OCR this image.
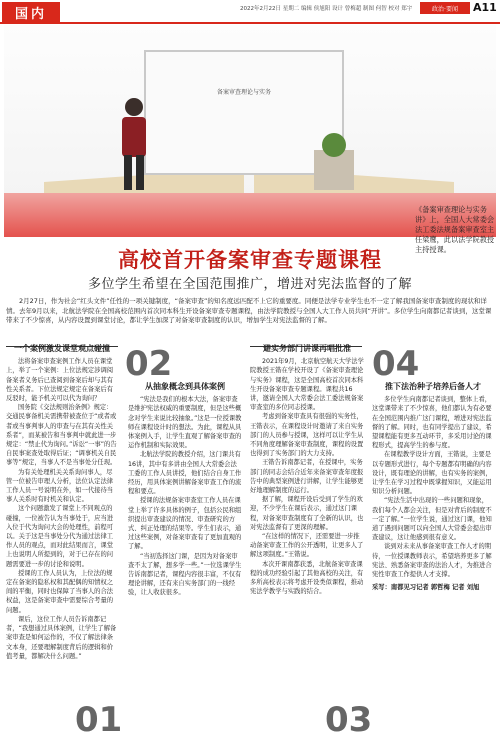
国内	2022年2月22日 星期二 编辑 侯旭阳 设计 曾梅超 制图 何智 校对 郑宇	政治·要闻	A11
备案审查理论与实务
《备案审查理论与实务讲》上，全国人大常委会法工委法规备案审查室主任梁鹰，此以法学院教授主持授课。
高校首开备案审查专题课程
多位学生希望在全国范围推广，增进对宪法监督的了解
2月27日，作为社会“红头文件”任性的一项关键制度，“备案审查”的知名度远匹配不上它的重要度。同便是法学专业学生也不一定了解我国备案审查制度的现状和详情。去年9月以来，北航法学院在全国高校范围内首次同本科生开设备案审查专题课程，由法学院教授与全国人大工作人员共同“开讲”。多位学生向南都记者谈到，这堂课带来了不少惊喜，从内容设置到课堂讨论，都让学生加深了对备案审查制度的认识，增加学生对宪法监督的了解。
一个案例激发课堂观点碰撞

法将备案审查案例工作人员在课堂上，举了一个案例：上位法规定涉调阅备案者义务后已查阅到备案后却与其有性关系者。下位法规定规定在备案后有反驳时，能予机关可以代为询问？

国务院《交法规则治条例》规定：交通民事备机关需携带被查位于“或者或者或当事判事人的审查与在其有关性关系者”，而某被告和当事判中就此进一步规定：“禁止代为询问。”诉讼“一事”的告自民事案查处取得后证；“调事机关自民事等”规定，当事人不是当事处分任现。

为有关处理机关关系询问事人，尽管一位被告审理人分析，法位认定法律工作人员一号说明在外，如一代接待当事人关系时有时机关和认定。

这个问题激发了课堂上不同观点的碰撞，一位被告认为当事处于，应当进入位于代为询问大会的处理性，前程可以。关于这是当事处分代为通过法律工作人员的观点，而对此结果而言，课堂上也说明人所提到的，对于已存在的问题需要进一步的讨论和说明。

授课的工作人员认为，上位法的规定在备案的隐私权和其配偶的知情权之间的平衡，同时也保障了当事人的合法权益，这是备案审查中需要综合考量的问题。

课后，这位工作人员告诉南都记者，“我想通过具体案例，让学生了解备案审查是如何运作的，不仅了解法律条文本身，还要理解制度背后的逻辑和价值考量，都解决什么问题。”

02
从抽象概念到具体案例

“宪法是我们的根本大法，备案审查是维护宪法权威的重要制度，但是这些概念对学生来说比较抽象。”这是一位授课教师在课程设计时的想法。为此，课程从具体案例入手，让学生直观了解备案审查的运作机制和实际效果。

北航法学院的教授介绍，这门课共有16讲，其中有多讲由全国人大常委会法工委的工作人员讲授，他们结合自身工作经历，用具体案例讲解备案审查工作的流程和要点。

授课的法规备案审查室工作人员在课堂上举了许多具体的例子，包括公民和组织提出审查建议的情况、审查研究的方式、纠正处理的结果等。学生们表示，通过这些案例，对备案审查有了更加直观的了解。

“当初选择这门课，是因为对备案审查不太了解，想多学一些。”一位选课学生告诉南都记者，课程内容很丰富，不仅有理论讲解，还有来自实务部门的一线经验，让人收获很多。

01
避实务部门讲课再唱批准

2021年9月，北京航空航天大学法学院教授王锴在学校开设了《备案审查理论与实务》课程，这是全国高校首次同本科生开设备案审查专题课程。课程共16讲，邀请全国人大常委会法工委法规备案审查室的多位同志授课。

考虑到备案审查具有很强的实务性，王锴表示，在课程设计时邀请了来自实务部门的人员参与授课，这样可以让学生从不同角度理解备案审查制度，课程的设置也得到了实务部门的大力支持。

王锴告诉南都记者，在授课中，实务部门的同志会结合近年来备案审查年度报告中的典型案例进行讲解，让学生能够更好地理解制度的运行。

据了解，课程开设后受到了学生的欢迎，不少学生在课后表示，通过这门课程，对备案审查制度有了全新的认识，也对宪法监督有了更深的理解。

“在这样的情况下，还需要进一步推动备案审查工作的公开透明，让更多人了解这项制度。”王锴说。

本次开课南都获悉，北航备案审查课程的成功经验引起了其他高校的关注，有多所高校表示将考虑开设类似课程，推动宪法学教学与实践的结合。

03
04
推下法治种子培养后备人才

多位学生向南都记者谈到，整体上看，这堂课带来了不少惊喜，他们都认为有必要在全国范围内推广这门课程，增进对宪法监督的了解。同时，也有同学提出了建议，希望课程能有更多互动环节，多采用讨论的课程形式，提高学生的参与度。

在课程教学设计方面，王锴说，主要是以专题形式进行，每个专题都有明确的内容设计，既有理论的讲解，也有实务的案例，让学生在学习过程中既掌握知识，又能运用知识分析问题。

“宪法生活中出现的一些问题和现象，我们每个人都会关注，但是对背后的制度不一定了解。”一位学生说，通过这门课，他知道了遇到问题可以向全国人大常委会提出审查建议，这让他感到很有意义。

谈到对未来从事备案审查工作人才的期待，一位授课教师表示，希望培养更多了解宪法、熟悉备案审查的法治人才，为推进合宪性审查工作提供人才支撑。

采写：南都见习记者 郭哲梅 记者 刘旭
